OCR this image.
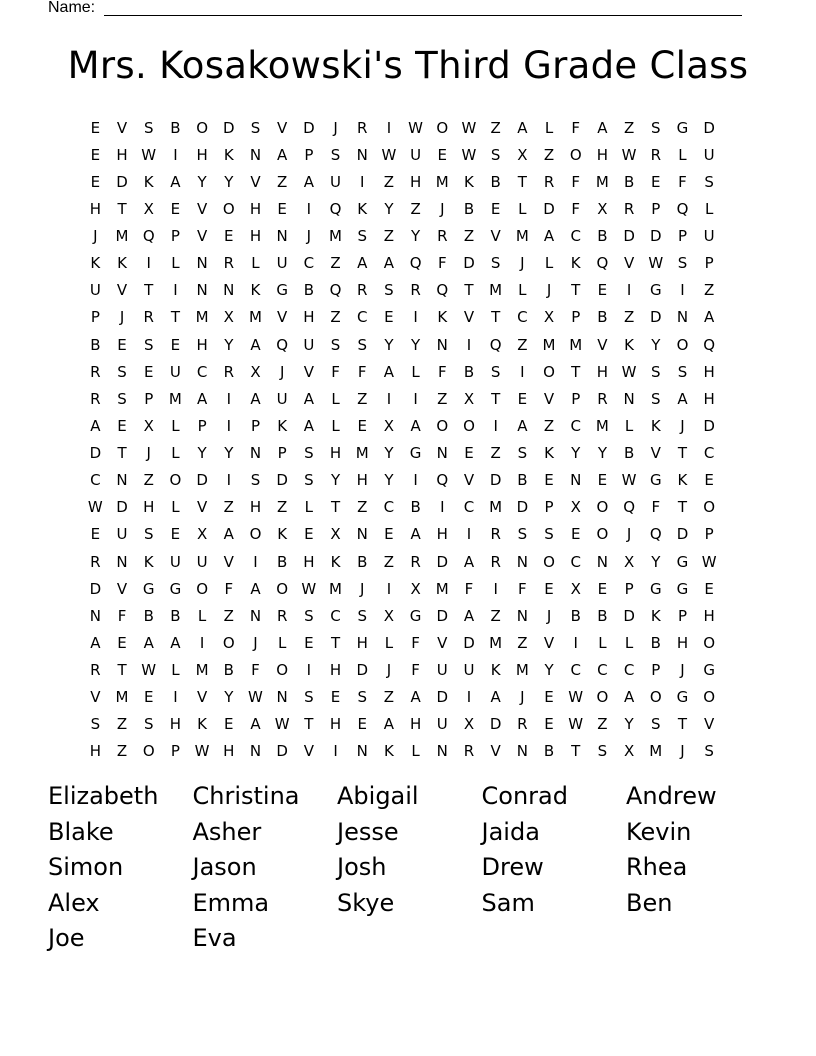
Name:
Mrs. Kosakowski's Third Grade Class
E	V	S	B	O	D	S	V	D	J	R	I	W O W Z	A	L	F	A	Z	S	G	D
E	H W	I	H	K	N	A	P	S	N W U	E W S	X	Z	O	H W R	L	U
E	D	K	A	Y	Y	V	Z	A	U	I	Z	H M	K	B	T	R	F	M	B	E	F	S
H	T	X	E	V	O	H	E	I	Q	K	Y	Z	J	B	E	L	D	F	X	R	P	Q	L
J	M Q	P	V	E	H	N	J	M	S	Z	Y	R	Z	V	M	A	C	B	D	D	P	U
K	K	I	L	N	R	L	U	C	Z	A	A	Q	F	D	S	J	L	K	Q	V W S	P
U	V	T	I	N	N	K	G	B	Q	R	S	R	Q	T	M	L	J	T	E	I	G	I	Z
P	J	R	T	M	X	M	V	H	Z	C	E	I	K	V	T	C	X	P	B	Z	D	N	A
B	E	S	E	H	Y	A	Q	U	S	S	Y	Y	N	I	Q	Z	M M	V	K	Y	O Q
R	S	E	U	C	R	X	J	V	F	F	A	L	F	B	S	I	O	T	H W S	S	H
R	S	P	M	A	I	A	U	A	L	Z	I	I	Z	X	T	E	V	P	R	N	S	A	H
A	E	X	L	P	I	P	K	A	L	E	X	A	O O	I	A	Z	C M	L	K	J	D
D	T	J	L	Y	Y	N	P	S	H M	Y	G	N	E	Z	S	K	Y	Y	B	V	T	C
C	N	Z	O	D	I	S	D	S	Y	H	Y	I	Q	V	D	B	E	N	E W G	K	E
W D	H	L	V	Z	H	Z	L	T	Z	C	B	I	C M D	P	X	O Q	F	T	O
E	U	S	E	X	A	O	K	E	X	N	E	A	H	I	R	S	S	E	O	J	Q	D	P
R	N	K	U	U	V	I	B	H	K	B	Z	R	D	A	R	N	O	C	N	X	Y	G W
D	V	G	G O	F	A	O W M	J	I	X	M	F	I	F	E	X	E	P	G	G	E
N	F	B	B	L	Z	N	R	S	C	S	X	G	D	A	Z	N	J	B	B	D	K	P	H
A	E	A	A	I	O	J	L	E	T	H	L	F	V	D M	Z	V	I	L	L	B	H	O
R	T W	L	M	B	F	O	I	H	D	J	F	U	U	K	M	Y	C	C	C	P	J	G
V	M	E	I	V	Y W N	S	E	S	Z	A	D	I	A	J	E W O	A	O G O
S	Z	S	H	K	E	A W T	H	E	A	H	U	X	D	R	E W Z	Y	S	T	V
H	Z	O	P W H	N	D	V	I	N	K	L	N	R	V	N	B	T	S	X	M	J	S
Elizabeth	Christina	Abigail	Conrad	Andrew
Blake	Asher	Jesse	Jaida	Kevin
Simon	Jason	Josh	Drew	Rhea
Alex	Emma	Skye	Sam	Ben
Joe	Eva
